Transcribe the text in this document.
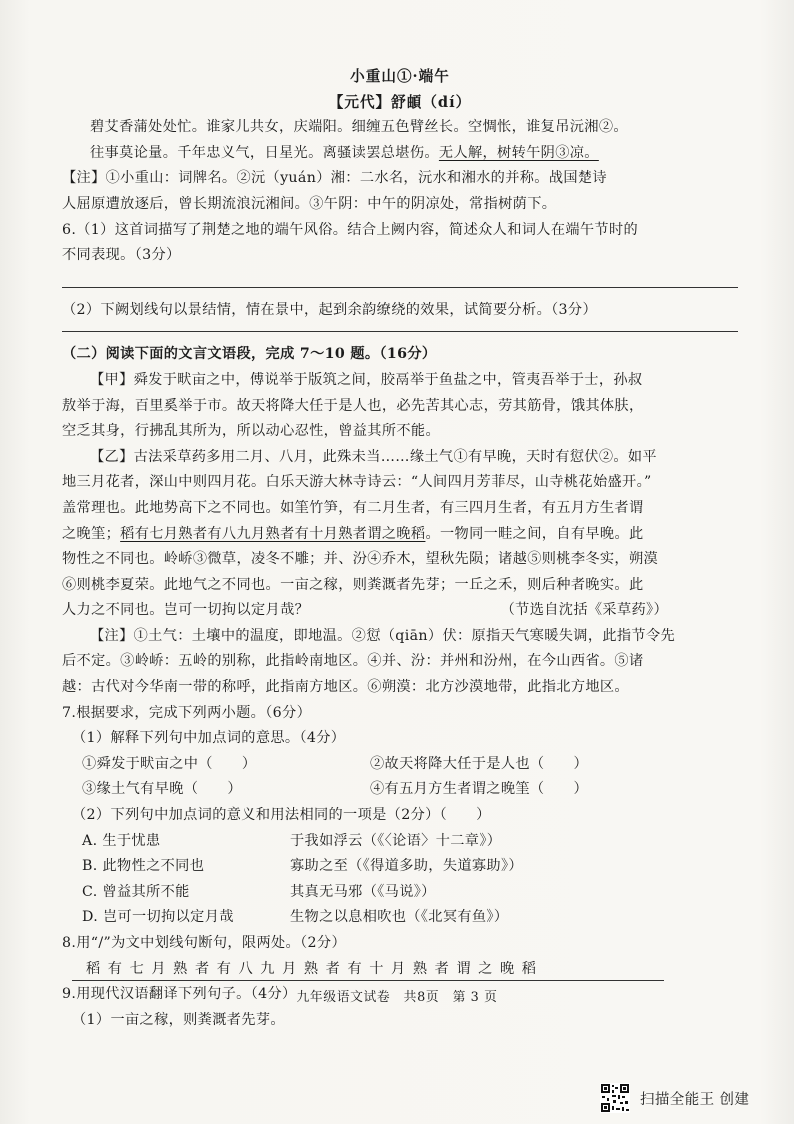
小重山①·端午
【元代】舒頔（dí）
碧艾香蒲处处忙。谁家儿共女，庆端阳。细缠五色臂丝长。空惆怅，谁复吊沅湘②。
往事莫论量。千年忠义气，日星光。离骚读罢总堪伤。无人解，树转午阴③凉。
【注】①小重山：词牌名。②沅（yuán）湘：二水名，沅水和湘水的并称。战国楚诗
人屈原遭放逐后，曾长期流浪沅湘间。③午阴：中午的阴凉处，常指树荫下。
6.（1）这首词描写了荆楚之地的端午风俗。结合上阙内容，简述众人和词人在端午节时的
不同表现。（3分）
（2）下阙划线句以景结情，情在景中，起到余韵缭绕的效果，试简要分析。（3分）
（二）阅读下面的文言文语段，完成 7～10 题。（16分）
【甲】舜发于畎亩之中，傅说举于版筑之间，胶鬲举于鱼盐之中，管夷吾举于士，孙叔
敖举于海，百里奚举于市。故天将降大任于是人也，必先苦其心志，劳其筋骨，饿其体肤，
空乏其身，行拂乱其所为，所以动心忍性，曾益其所不能。
【乙】古法采草药多用二月、八月，此殊未当……缘土气①有早晚，天时有愆伏②。如平
地三月花者，深山中则四月花。白乐天游大林寺诗云：“人间四月芳菲尽，山寺桃花始盛开。”
盖常理也。此地势高下之不同也。如筀竹笋，有二月生者，有三四月生者，有五月方生者谓
之晚筀；稻有七月熟者有八九月熟者有十月熟者谓之晚稻。一物同一畦之间，自有早晚。此
物性之不同也。岭峤③微草，凌冬不雕；并、汾④乔木，望秋先陨；诸越⑤则桃李冬实，朔漠
⑥则桃李夏荣。此地气之不同也。一亩之稼，则粪溉者先芽；一丘之禾，则后种者晚实。此
人力之不同也。岂可一切拘以定月哉？	（节选自沈括《采草药》）
【注】①土气：土壤中的温度，即地温。②愆（qiān）伏：原指天气寒暖失调，此指节令先
后不定。③岭峤：五岭的别称，此指岭南地区。④并、汾：并州和汾州，在今山西省。⑤诸
越：古代对今华南一带的称呼，此指南方地区。⑥朔漠：北方沙漠地带，此指北方地区。
7.根据要求，完成下列两小题。（6分）
（1）解释下列句中加点词的意思。（4分）
①舜发于畎亩之中（　　）	②故天将降大任于是人也（　　）
③缘土气有早晚（　　）	④有五月方生者谓之晚筀（　　）
（2）下列句中加点词的意义和用法相同的一项是（2分）（　　）
A. 生于忧患	于我如浮云（《〈论语〉十二章》）
B. 此物性之不同也	寡助之至（《得道多助，失道寡助》）
C. 曾益其所不能	其真无马邪（《马说》）
D. 岂可一切拘以定月哉	生物之以息相吹也（《北冥有鱼》）
8.用“/”为文中划线句断句，限两处。（2分）
稻有七月熟者有八九月熟者有十月熟者谓之晚稻
9.用现代汉语翻译下列句子。（4分）
（1）一亩之稼，则粪溉者先芽。
九年级语文试卷　共8页　第 3 页
扫描全能王 创建
